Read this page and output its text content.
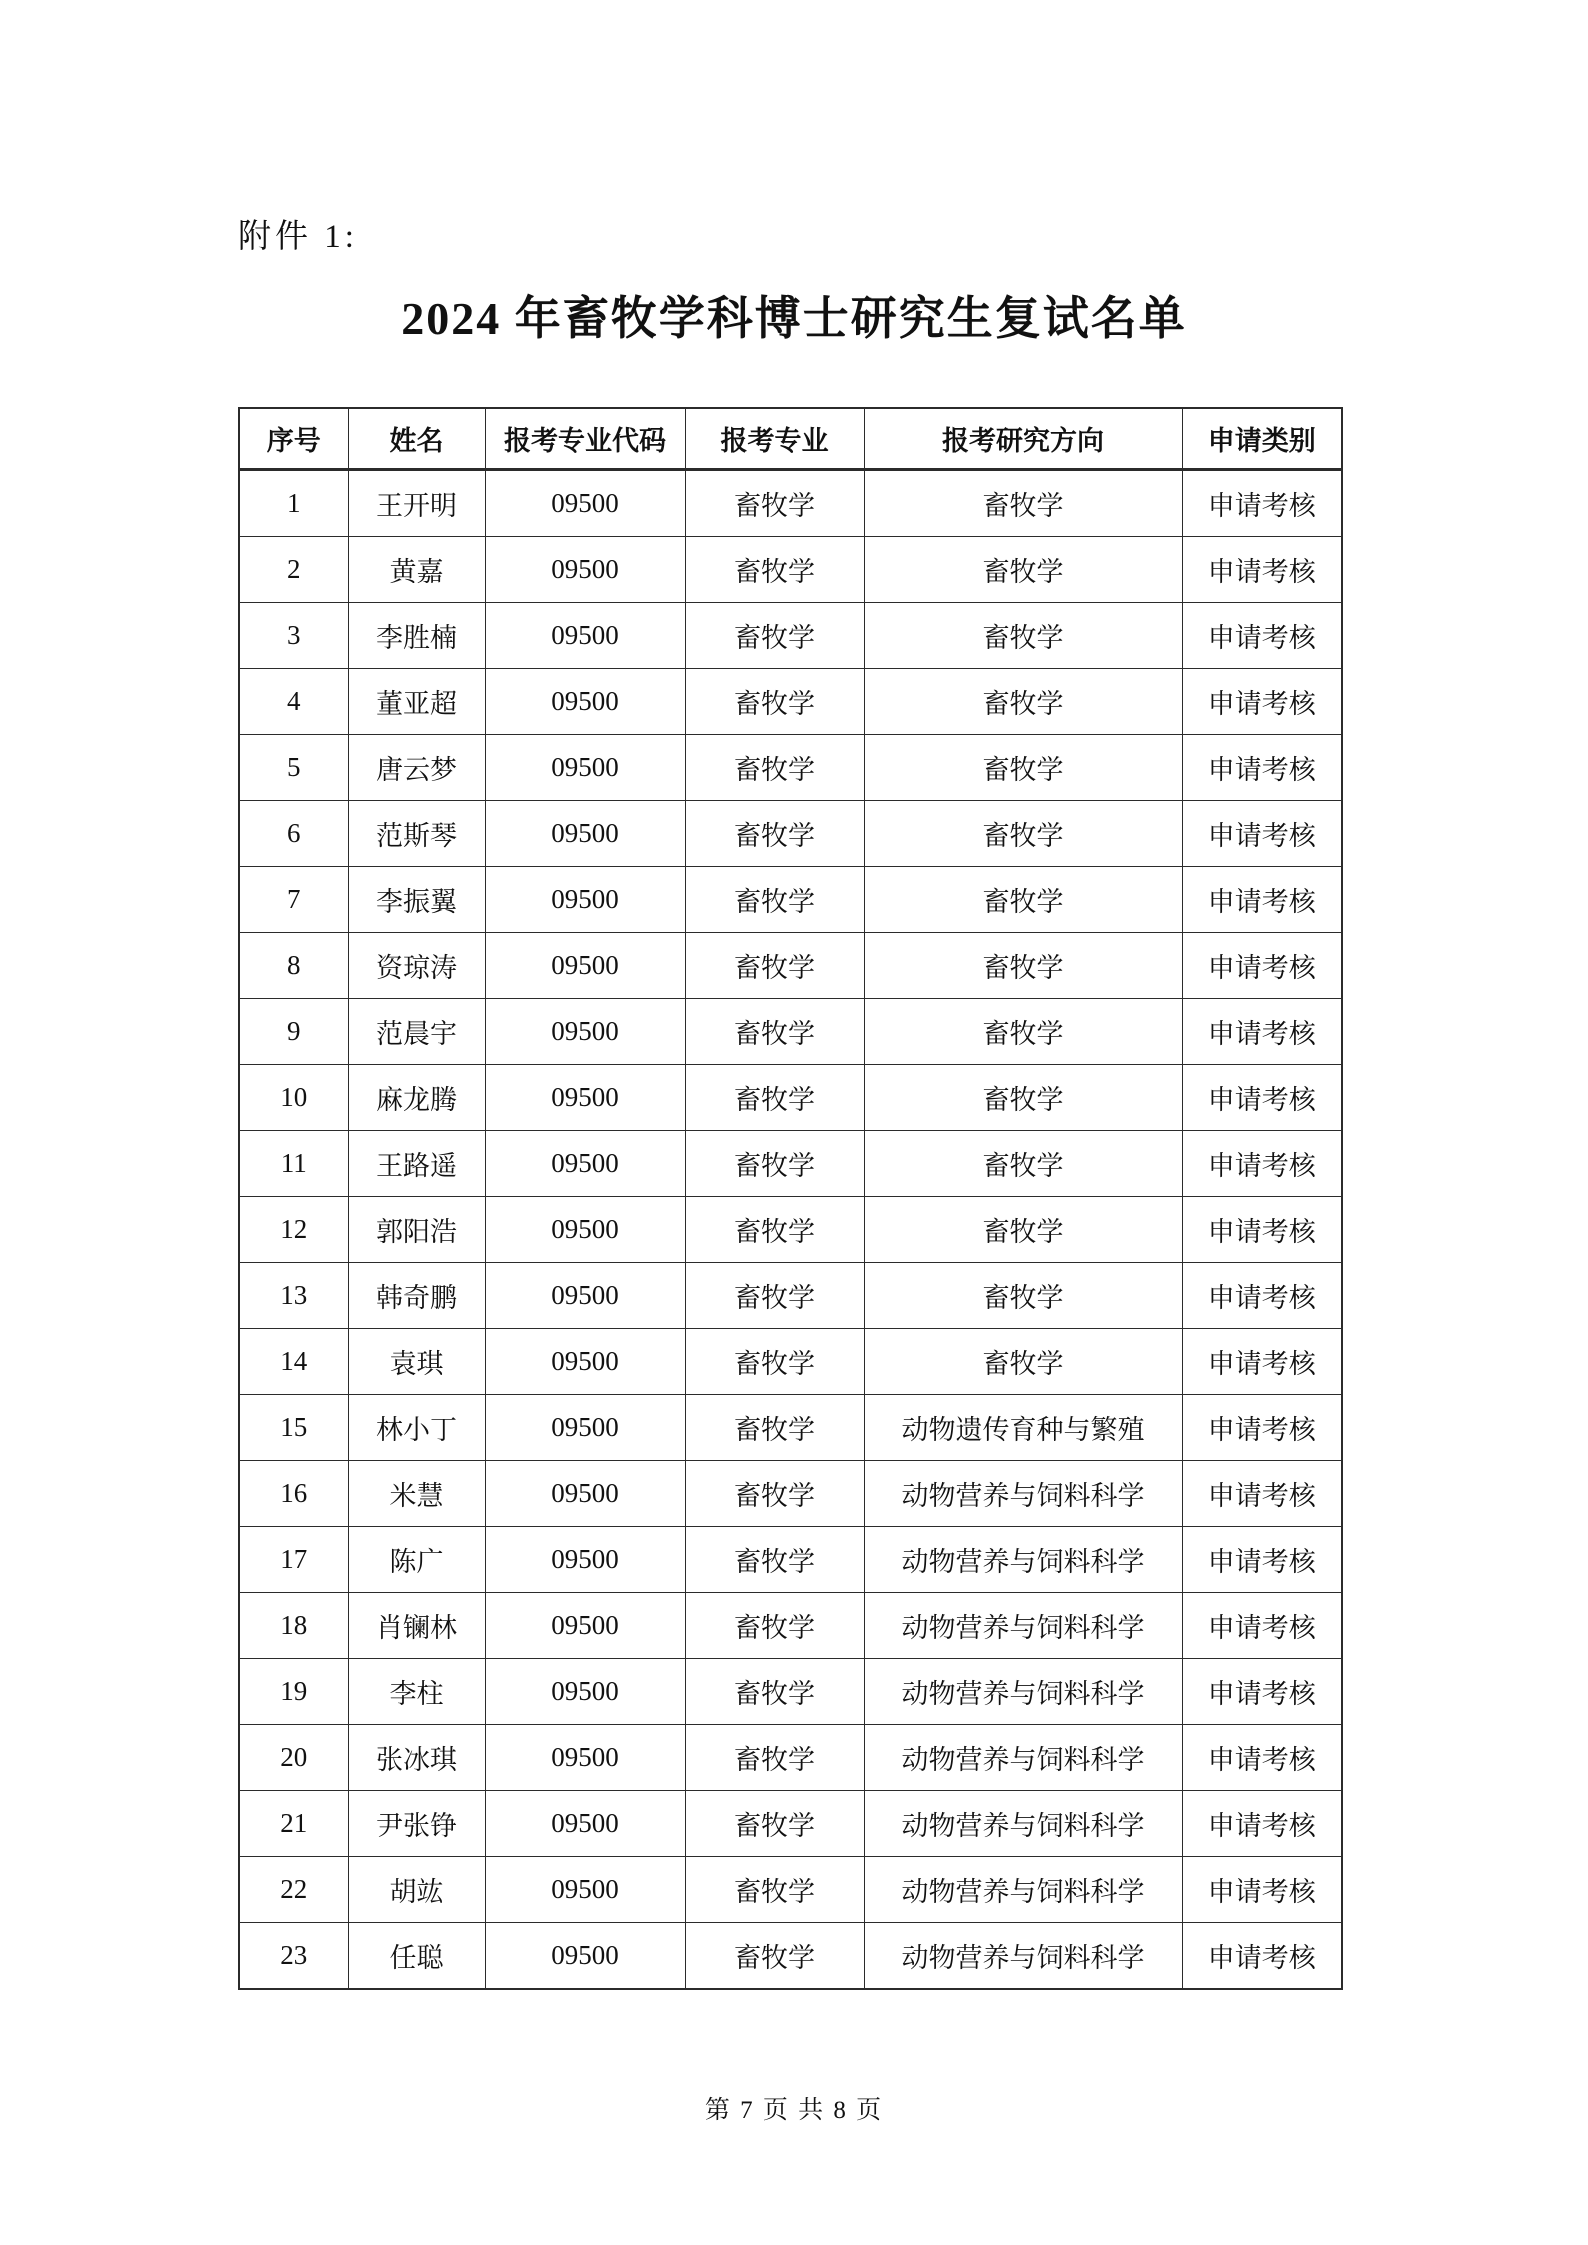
附件 1:
2024 年畜牧学科博士研究生复试名单
序号	姓名	报考专业代码	报考专业	报考研究方向	申请类别
1	王开明	09500	畜牧学	畜牧学	申请考核
2	黄嘉	09500	畜牧学	畜牧学	申请考核
3	李胜楠	09500	畜牧学	畜牧学	申请考核
4	董亚超	09500	畜牧学	畜牧学	申请考核
5	唐云梦	09500	畜牧学	畜牧学	申请考核
6	范斯琴	09500	畜牧学	畜牧学	申请考核
7	李振翼	09500	畜牧学	畜牧学	申请考核
8	资琼涛	09500	畜牧学	畜牧学	申请考核
9	范晨宇	09500	畜牧学	畜牧学	申请考核
10	麻龙腾	09500	畜牧学	畜牧学	申请考核
11	王路遥	09500	畜牧学	畜牧学	申请考核
12	郭阳浩	09500	畜牧学	畜牧学	申请考核
13	韩奇鹏	09500	畜牧学	畜牧学	申请考核
14	袁琪	09500	畜牧学	畜牧学	申请考核
15	林小丁	09500	畜牧学	动物遗传育种与繁殖	申请考核
16	米慧	09500	畜牧学	动物营养与饲料科学	申请考核
17	陈广	09500	畜牧学	动物营养与饲料科学	申请考核
18	肖镧林	09500	畜牧学	动物营养与饲料科学	申请考核
19	李柱	09500	畜牧学	动物营养与饲料科学	申请考核
20	张冰琪	09500	畜牧学	动物营养与饲料科学	申请考核
21	尹张铮	09500	畜牧学	动物营养与饲料科学	申请考核
22	胡竑	09500	畜牧学	动物营养与饲料科学	申请考核
23	任聪	09500	畜牧学	动物营养与饲料科学	申请考核
第 7 页 共 8 页
